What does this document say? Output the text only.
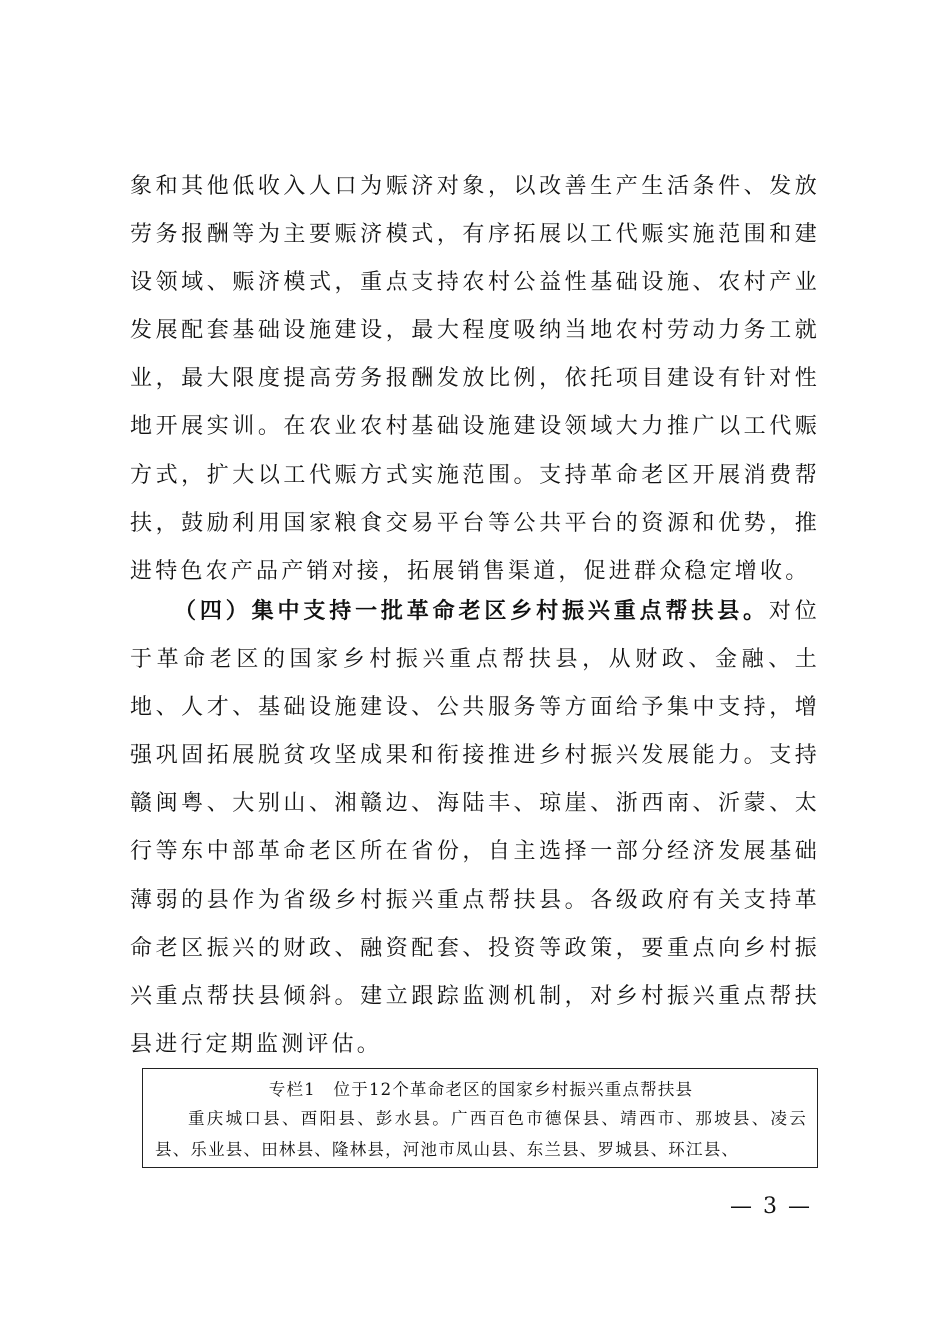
象和其他低收入人口为赈济对象，以改善生产生活条件、发放劳务报酬等为主要赈济模式，有序拓展以工代赈实施范围和建设领域、赈济模式，重点支持农村公益性基础设施、农村产业发展配套基础设施建设，最大程度吸纳当地农村劳动力务工就业，最大限度提高劳务报酬发放比例，依托项目建设有针对性地开展实训。在农业农村基础设施建设领域大力推广以工代赈方式，扩大以工代赈方式实施范围。支持革命老区开展消费帮扶，鼓励利用国家粮食交易平台等公共平台的资源和优势，推进特色农产品产销对接，拓展销售渠道，促进群众稳定增收。

（四）集中支持一批革命老区乡村振兴重点帮扶县。对位于革命老区的国家乡村振兴重点帮扶县，从财政、金融、土地、人才、基础设施建设、公共服务等方面给予集中支持，增强巩固拓展脱贫攻坚成果和衔接推进乡村振兴发展能力。支持赣闽粤、大别山、湘赣边、海陆丰、琼崖、浙西南、沂蒙、太行等东中部革命老区所在省份，自主选择一部分经济发展基础薄弱的县作为省级乡村振兴重点帮扶县。各级政府有关支持革命老区振兴的财政、融资配套、投资等政策，要重点向乡村振兴重点帮扶县倾斜。建立跟踪监测机制，对乡村振兴重点帮扶县进行定期监测评估。

专栏1　位于12个革命老区的国家乡村振兴重点帮扶县
重庆城口县、酉阳县、彭水县。广西百色市德保县、靖西市、那坡县、凌云县、乐业县、田林县、隆林县，河池市凤山县、东兰县、罗城县、环江县、
— 3 —
